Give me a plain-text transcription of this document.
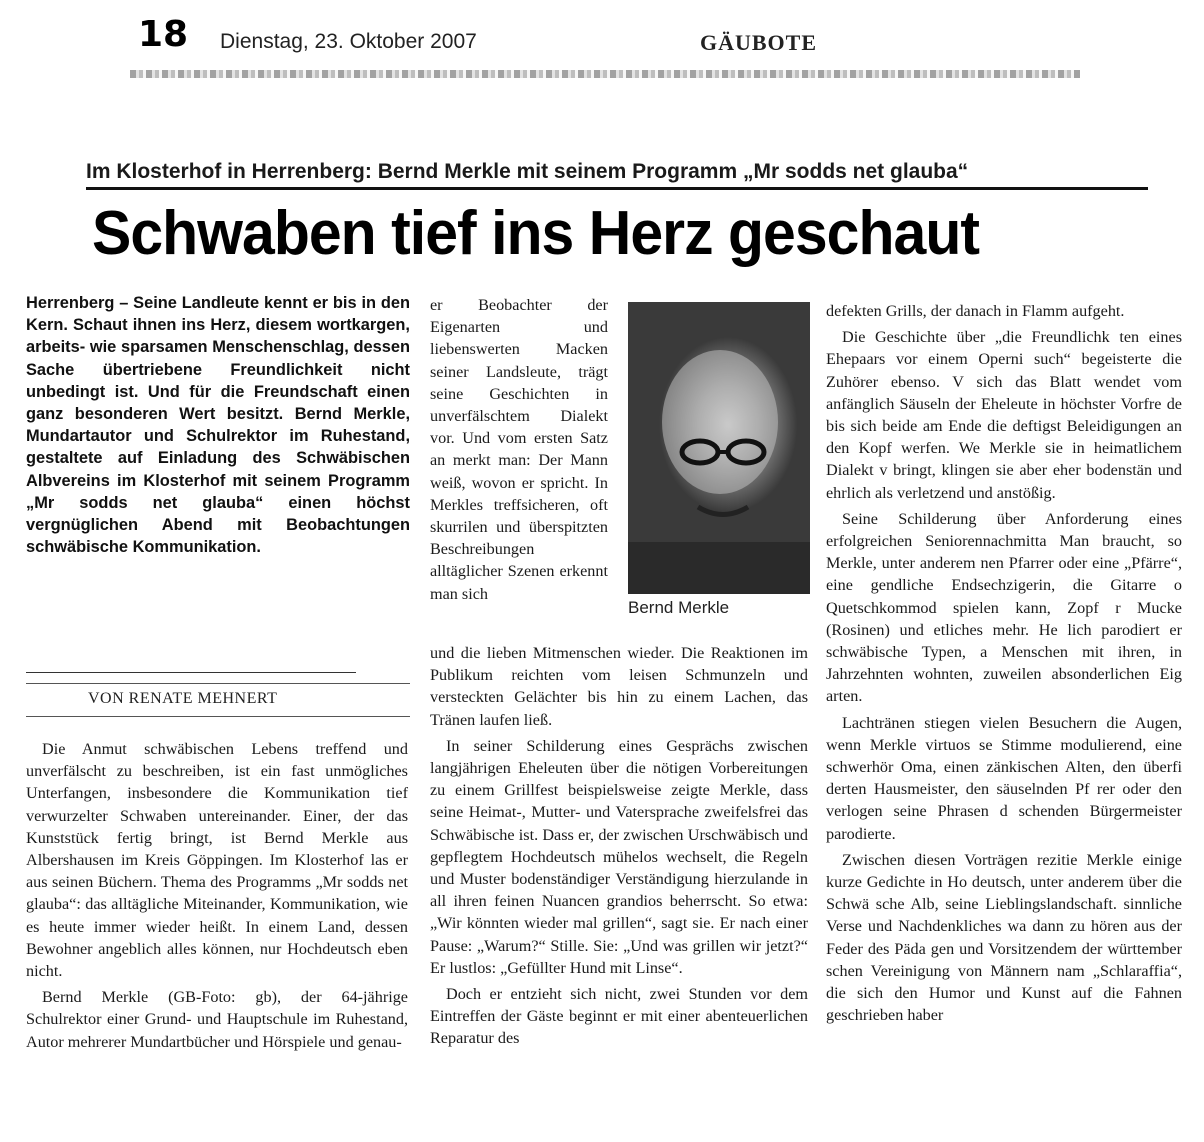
18 Dienstag, 23. Oktober 2007	GÄUBOTE
Im Klosterhof in Herrenberg: Bernd Merkle mit seinem Programm „Mr sodds net glauba“
Schwaben tief ins Herz geschaut
Herrenberg – Seine Landleute kennt er bis in den Kern. Schaut ihnen ins Herz, diesem wortkargen, arbeits- wie sparsamen Menschenschlag, dessen Sache übertriebene Freundlichkeit nicht unbedingt ist. Und für die Freundschaft einen ganz besonderen Wert besitzt. Bernd Merkle, Mundartautor und Schulrektor im Ruhestand, gestaltete auf Einladung des Schwäbischen Albvereins im Klosterhof mit seinem Programm „Mr sodds net glauba“ einen höchst vergnüglichen Abend mit Beobachtungen schwäbische Kommunikation.
VON RENATE MEHNERT

Die Anmut schwäbischen Lebens treffend und unverfälscht zu beschreiben, ist ein fast unmögliches Unterfangen, insbesondere die Kommunikation tief verwurzelter Schwaben untereinander. Einer, der das Kunststück fertig bringt, ist Bernd Merkle aus Albershausen im Kreis Göppingen. Im Klosterhof las er aus seinen Büchern. Thema des Programms „Mr sodds net glauba“: das alltägliche Miteinander, Kommunikation, wie es heute immer wieder heißt. In einem Land, dessen Bewohner angeblich alles können, nur Hochdeutsch eben nicht.

Bernd Merkle (GB-Foto: gb), der 64-jährige Schulrektor einer Grund- und Hauptschule im Ruhestand, Autor mehrerer Mundartbücher und Hörspiele und genau-

er Beobachter der Eigenarten und liebenswerten Macken seiner Landsleute, trägt seine Geschichten in unverfälschtem Dialekt vor. Und vom ersten Satz an merkt man: Der Mann weiß, wovon er spricht. In Merkles treffsicheren, oft skurrilen und überspitzten Beschreibungen alltäglicher Szenen erkennt man sich

Bernd Merkle

und die lieben Mitmenschen wieder. Die Reaktionen im Publikum reichten vom leisen Schmunzeln und versteckten Gelächter bis hin zu einem Lachen, das Tränen laufen ließ.

In seiner Schilderung eines Gesprächs zwischen langjährigen Eheleuten über die nötigen Vorbereitungen zu einem Grillfest beispielsweise zeigte Merkle, dass seine Heimat-, Mutter- und Vatersprache zweifelsfrei das Schwäbische ist. Dass er, der zwischen Urschwäbisch und gepflegtem Hochdeutsch mühelos wechselt, die Regeln und Muster bodenständiger Verständigung hierzulande in all ihren feinen Nuancen grandios beherrscht. So etwa: „Wir könnten wieder mal grillen“, sagt sie. Er nach einer Pause: „Warum?“ Stille. Sie: „Und was grillen wir jetzt?“ Er lustlos: „Gefüllter Hund mit Linse“.

Doch er entzieht sich nicht, zwei Stunden vor dem Eintreffen der Gäste beginnt er mit einer abenteuerlichen Reparatur des

defekten Grills, der danach in Flamm aufgeht.

Die Geschichte über „die Freundlichk ten eines Ehepaars vor einem Operni such“ begeisterte die Zuhörer ebenso. V sich das Blatt wendet vom anfänglich Säuseln der Eheleute in höchster Vorfre de bis sich beide am Ende die deftigst Beleidigungen an den Kopf werfen. We Merkle sie in heimatlichem Dialekt v bringt, klingen sie aber eher bodenstän und ehrlich als verletzend und anstößig.

Seine Schilderung über Anforderung eines erfolgreichen Seniorennachmitta Man braucht, so Merkle, unter anderem nen Pfarrer oder eine „Pfärre“, eine gendliche Endsechzigerin, die Gitarre o Quetschkommod spielen kann, Zopf r Mucke (Rosinen) und etliches mehr. He lich parodiert er schwäbische Typen, a Menschen mit ihren, in Jahrzehnten wohnten, zuweilen absonderlichen Eig arten.

Lachtränen stiegen vielen Besuchern die Augen, wenn Merkle virtuos se Stimme modulierend, eine schwerhör Oma, einen zänkischen Alten, den überfi derten Hausmeister, den säuselnden Pf rer oder den verlogen seine Phrasen d schenden Bürgermeister parodierte.

Zwischen diesen Vorträgen rezitie Merkle einige kurze Gedichte in Ho deutsch, unter anderem über die Schwä sche Alb, seine Lieblingslandschaft. sinnliche Verse und Nachdenkliches wa dann zu hören aus der Feder des Päda gen und Vorsitzendem der württember schen Vereinigung von Männern nam „Schlaraffia“, die sich den Humor und Kunst auf die Fahnen geschrieben haber
